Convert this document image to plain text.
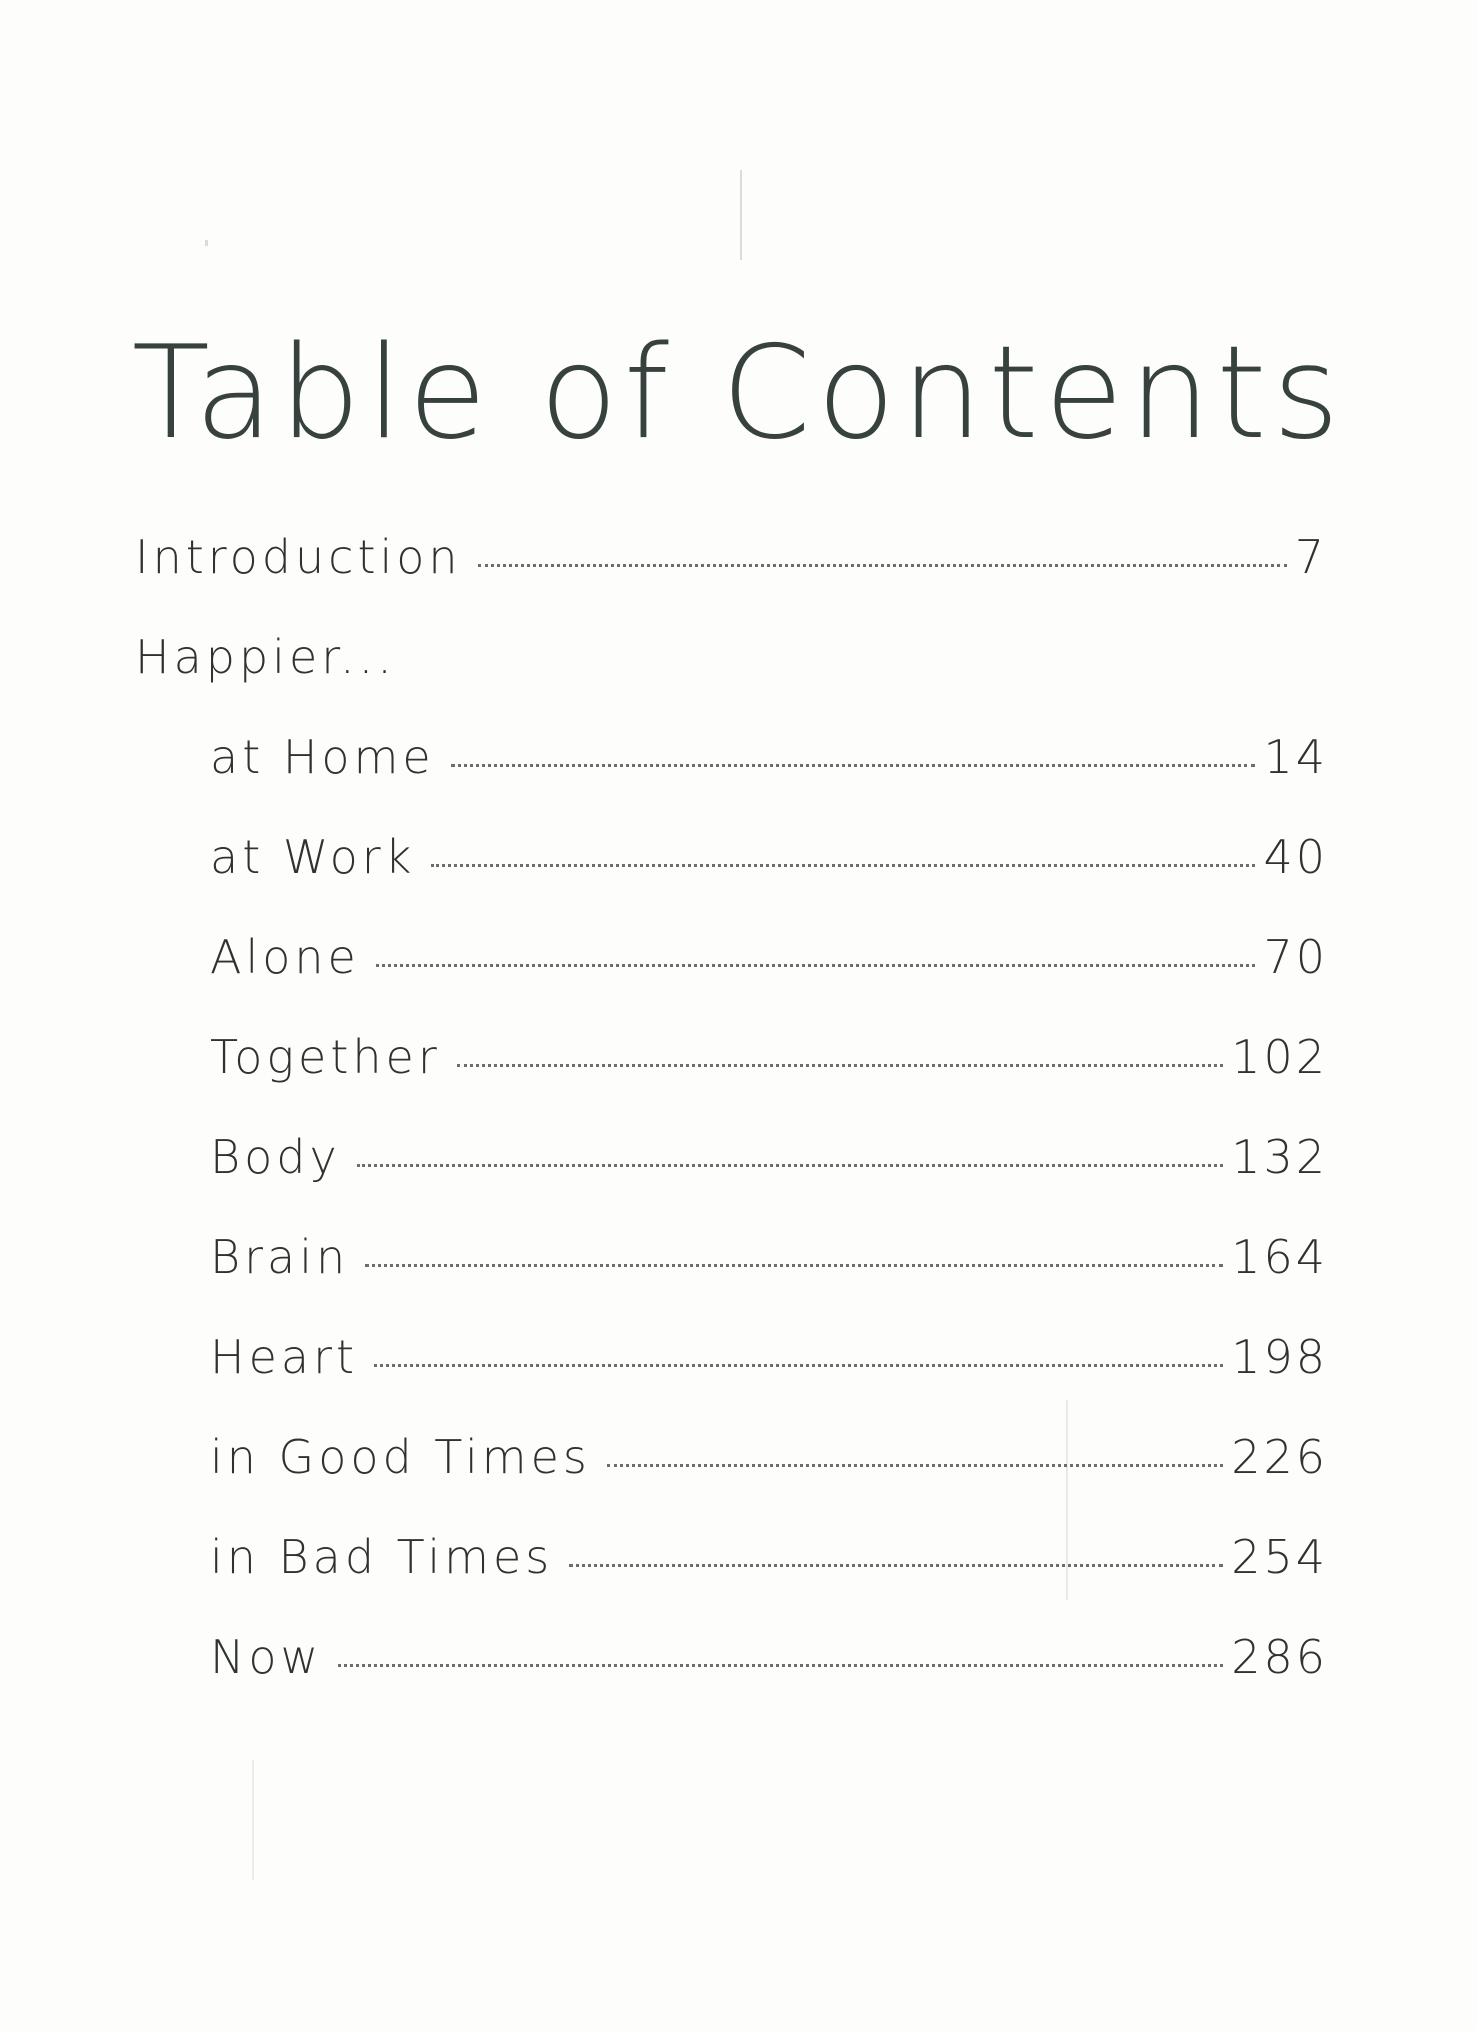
Table of Contents
Introduction	7
Happier...
at Home	14
at Work	40
Alone	70
Together	102
Body	132
Brain	164
Heart	198
in Good Times	226
in Bad Times	254
Now	286
